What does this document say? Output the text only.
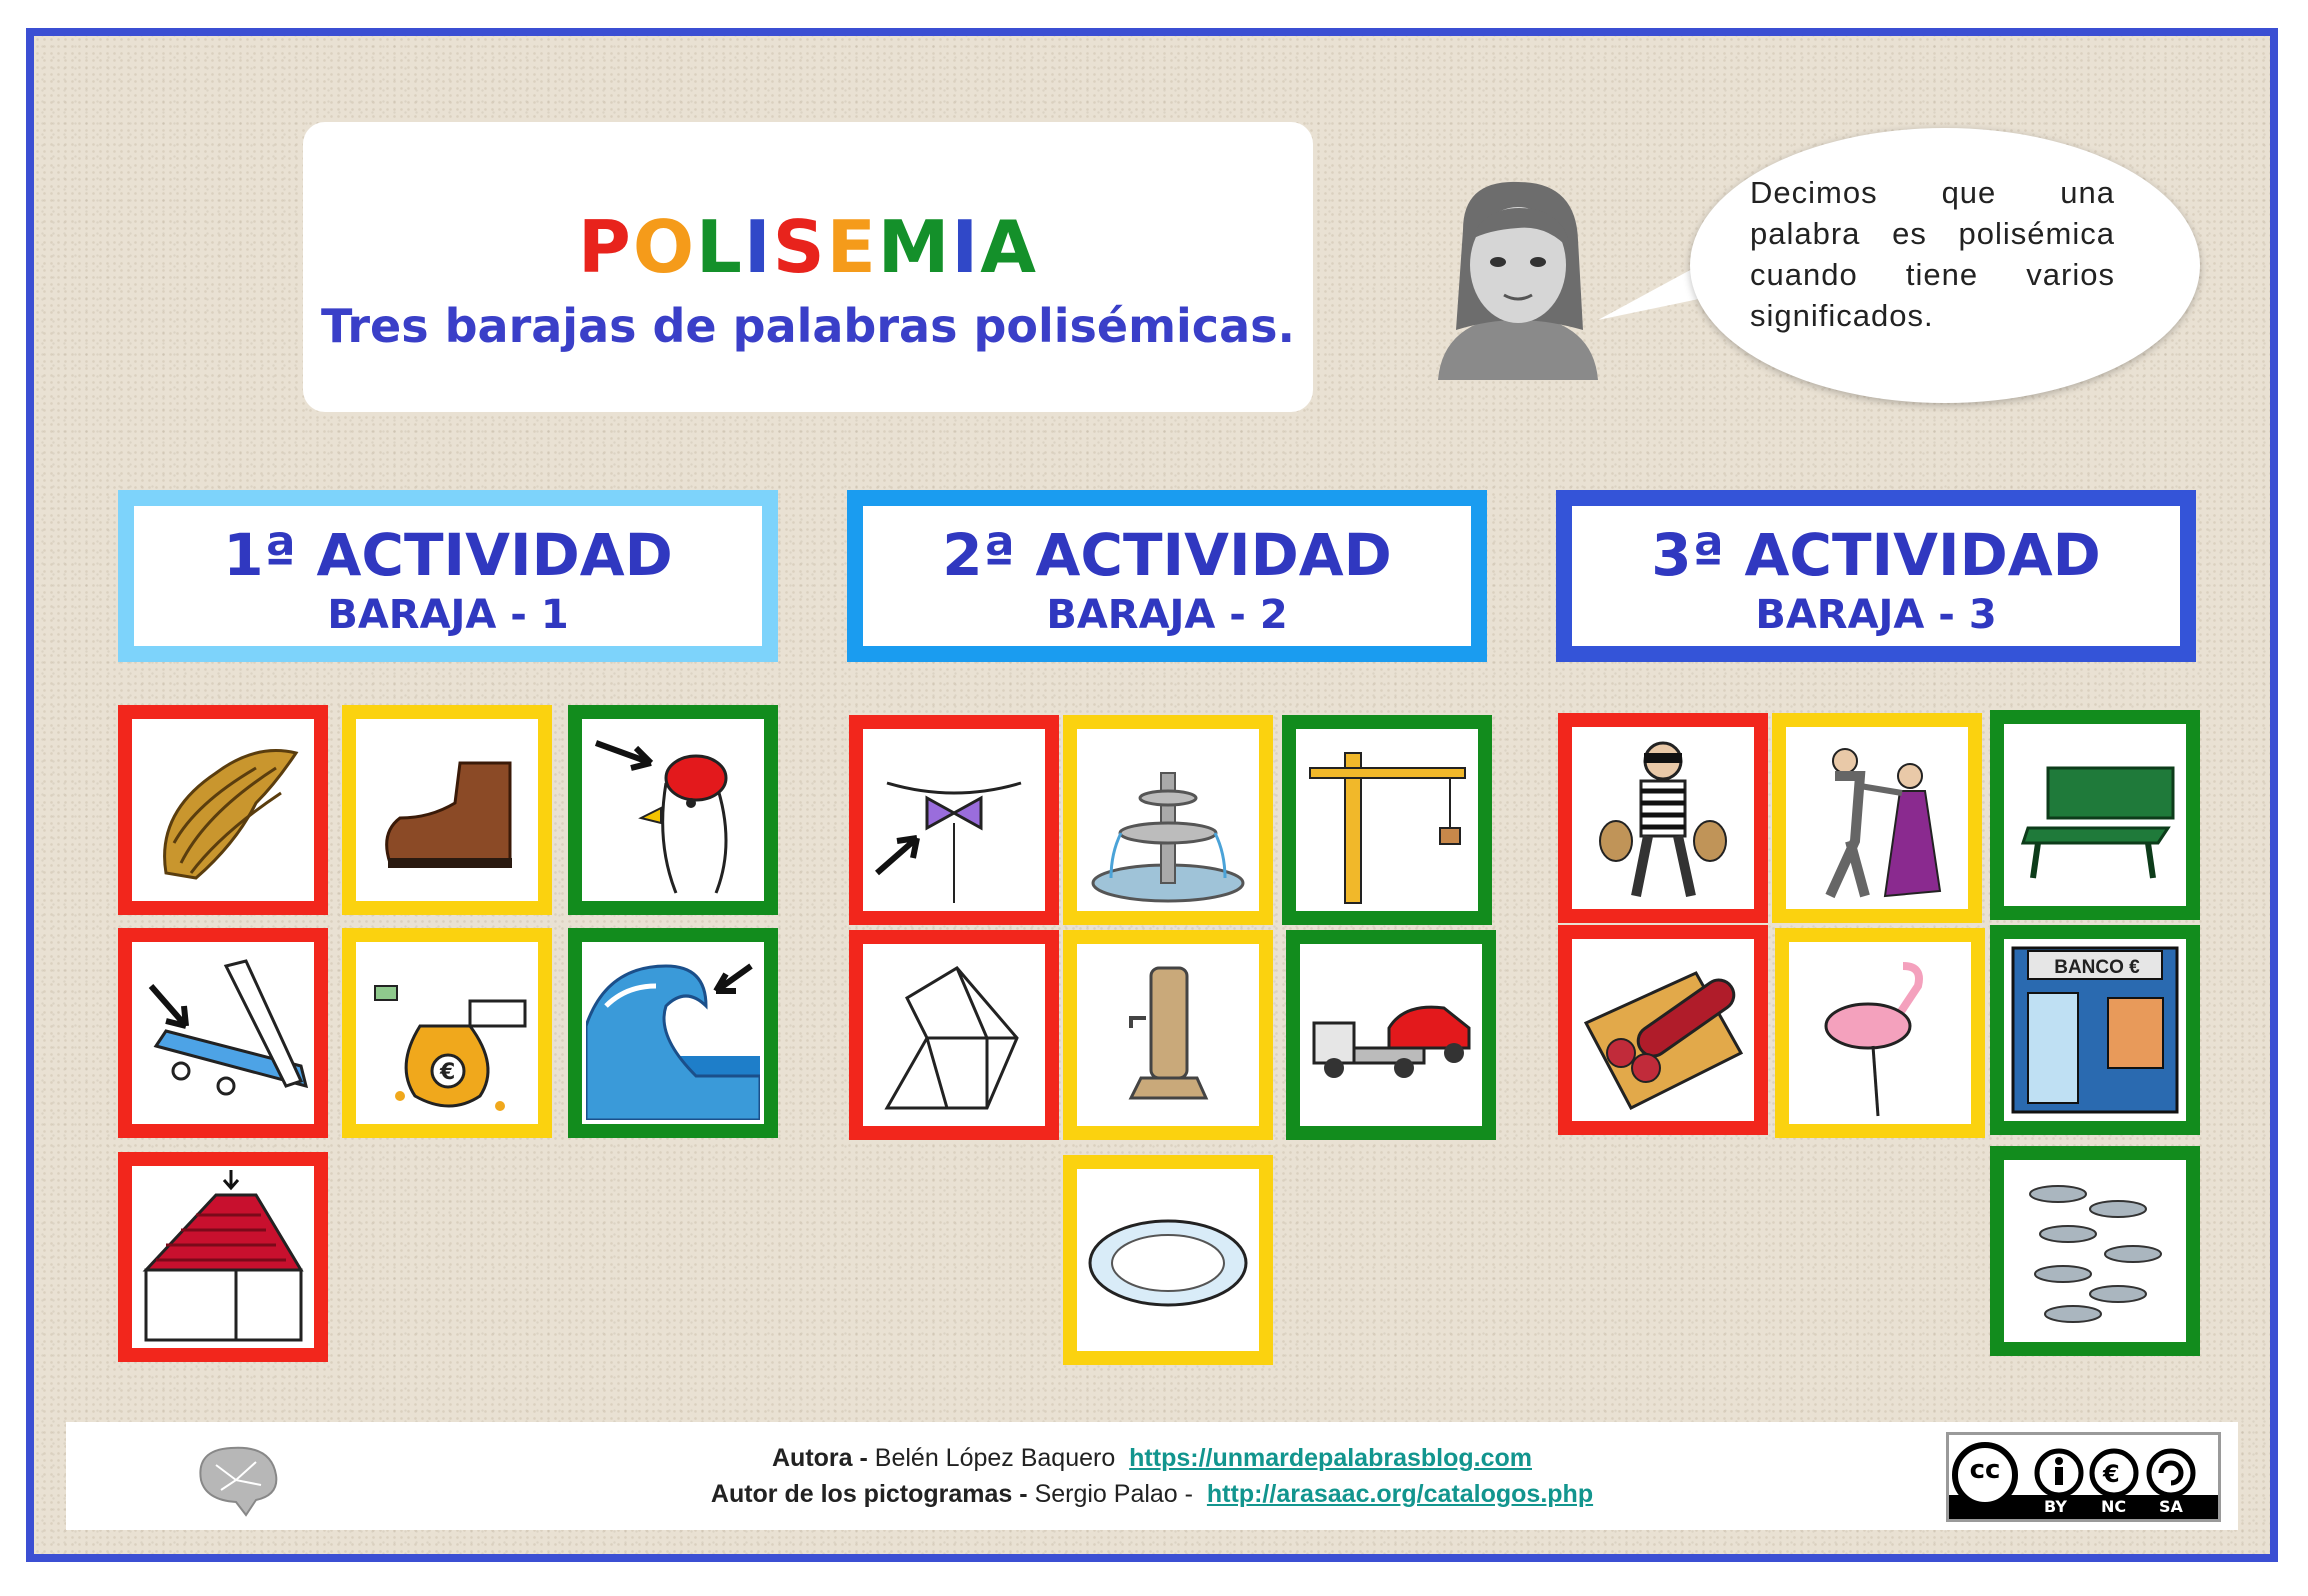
POLISEMIA
Tres barajas de palabras polisémicas.
Decimos que una palabra es polisémica cuando tiene varios significados.
1ª ACTIVIDAD
BARAJA - 1
2ª ACTIVIDAD
BARAJA - 2
3ª ACTIVIDAD
BARAJA - 3
€
BANCO €
Autora - Belén López Baquero https://unmardepalabrasblog.com
Autor de los pictogramas - Sergio Palao - http://arasaac.org/catalogos.php
€
cc
BY NC SA
